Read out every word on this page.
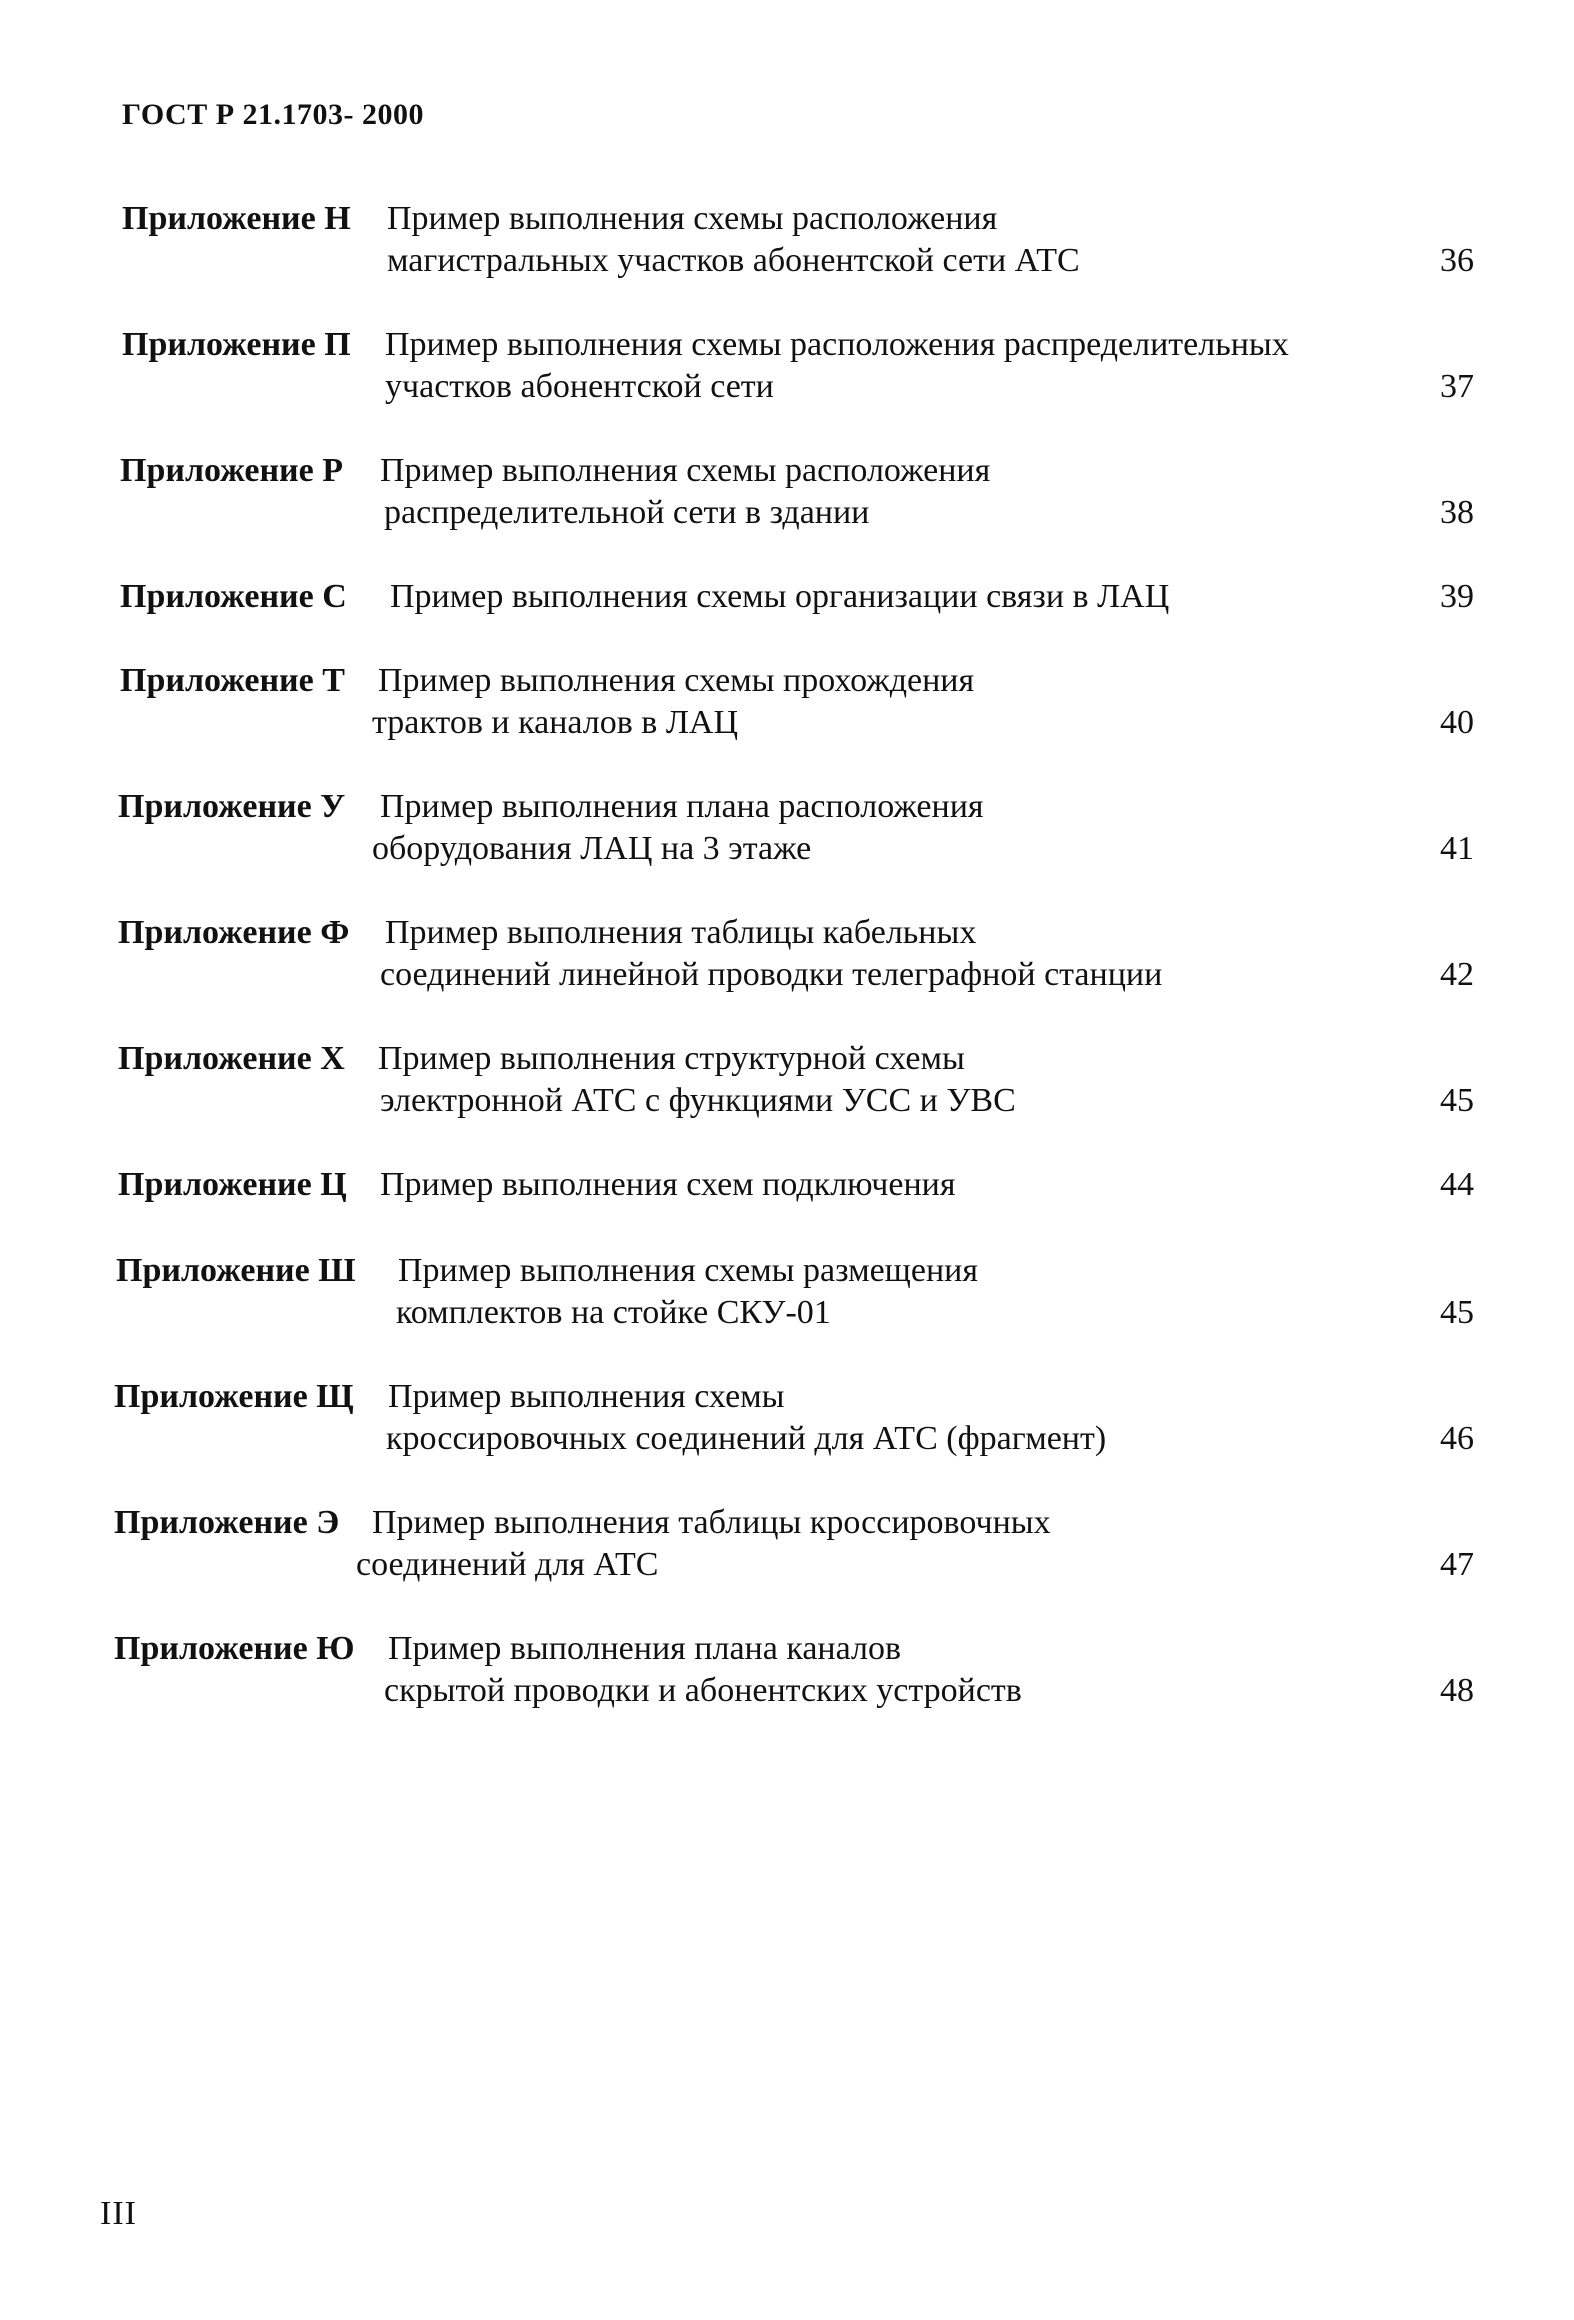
ГОСТ Р 21.1703- 2000
Приложение Н Пример выполнения схемы расположения
магистральных участков абонентской сети АТС	36
Приложение П Пример выполнения схемы расположения распределительных
участков абонентской сети	37
Приложение Р Пример выполнения схемы расположения
распределительной сети в здании	38
Приложение С Пример выполнения схемы организации связи в ЛАЦ	39
Приложение Т Пример выполнения схемы прохождения
трактов и каналов в ЛАЦ	40
Приложение У Пример выполнения плана расположения
оборудования ЛАЦ на 3 этаже	41
Приложение Ф Пример выполнения таблицы кабельных
соединений линейной проводки телеграфной станции	42
Приложение Х Пример выполнения структурной схемы
электронной АТС с функциями УСС и УВС	45
Приложение Ц Пример выполнения схем подключения	44
Приложение Ш Пример выполнения схемы размещения
комплектов на стойке СКУ-01	45
Приложение Щ Пример выполнения схемы
кроссировочных соединений для АТС (фрагмент)	46
Приложение Э Пример выполнения таблицы кроссировочных
соединений для АТС	47
Приложение Ю Пример выполнения плана каналов
скрытой проводки и абонентских устройств	48
III
